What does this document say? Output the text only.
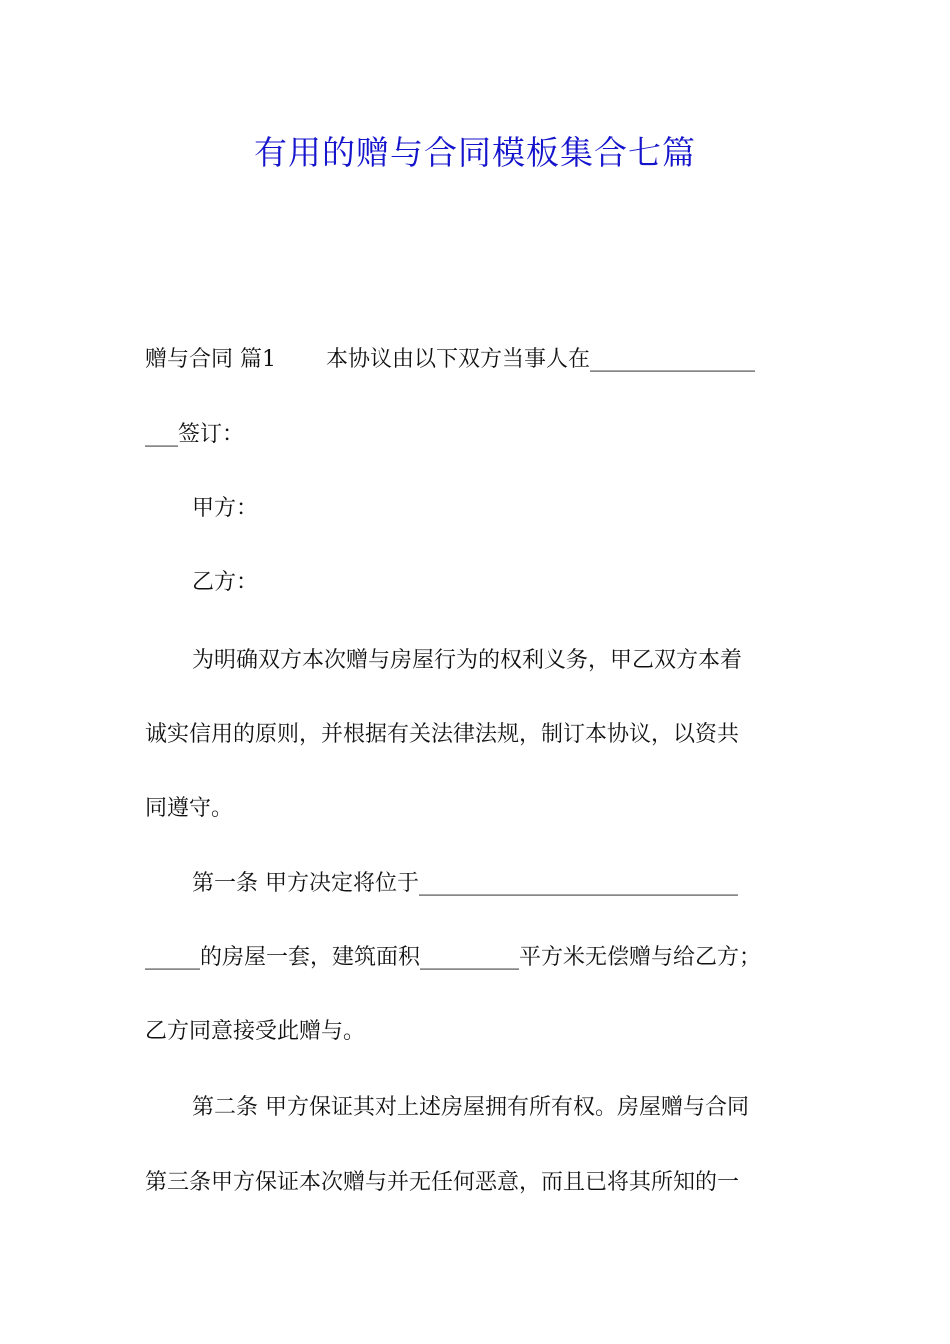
有用的赠与合同模板集合七篇
赠与合同 篇1 本协议由以下双方当事人在_______________
___签订：
甲方：
乙方：
为明确双方本次赠与房屋行为的权利义务，甲乙双方本着
诚实信用的原则，并根据有关法律法规，制订本协议，以资共
同遵守。
第一条 甲方决定将位于_____________________________
_____的房屋一套，建筑面积_________平方米无偿赠与给乙方；
乙方同意接受此赠与。
第二条 甲方保证其对上述房屋拥有所有权。房屋赠与合同
第三条甲方保证本次赠与并无任何恶意，而且已将其所知的一
